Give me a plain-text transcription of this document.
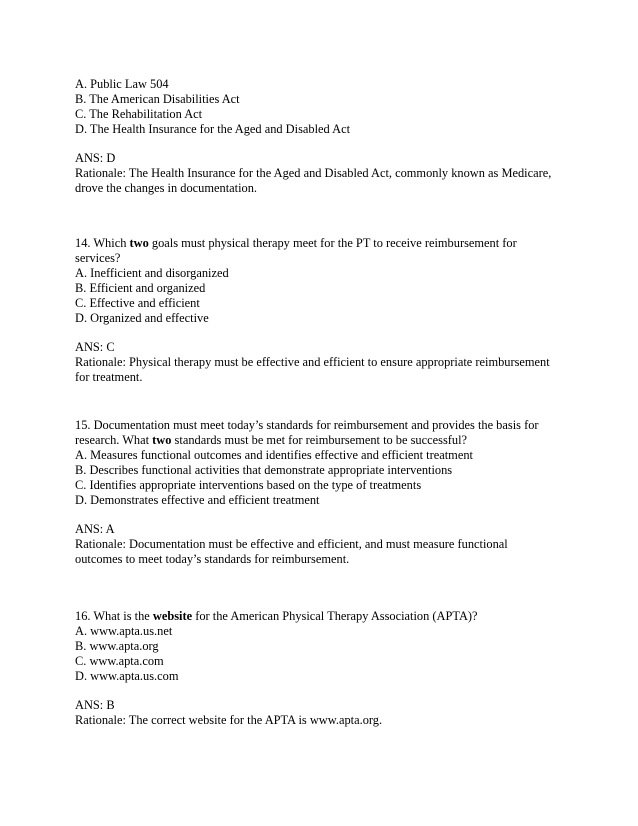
A. Public Law 504
B. The American Disabilities Act
C. The Rehabilitation Act
D. The Health Insurance for the Aged and Disabled Act
ANS: D
Rationale: The Health Insurance for the Aged and Disabled Act, commonly known as Medicare,
drove the changes in documentation.
14. Which two goals must physical therapy meet for the PT to receive reimbursement for
services?
A. Inefficient and disorganized
B. Efficient and organized
C. Effective and efficient
D. Organized and effective
ANS: C
Rationale: Physical therapy must be effective and efficient to ensure appropriate reimbursement
for treatment.
15. Documentation must meet today’s standards for reimbursement and provides the basis for
research. What two standards must be met for reimbursement to be successful?
A. Measures functional outcomes and identifies effective and efficient treatment
B. Describes functional activities that demonstrate appropriate interventions
C. Identifies appropriate interventions based on the type of treatments
D. Demonstrates effective and efficient treatment
ANS: A
Rationale: Documentation must be effective and efficient, and must measure functional
outcomes to meet today’s standards for reimbursement.
16. What is the website for the American Physical Therapy Association (APTA)?
A. www.apta.us.net
B. www.apta.org
C. www.apta.com
D. www.apta.us.com
ANS: B
Rationale: The correct website for the APTA is www.apta.org.
